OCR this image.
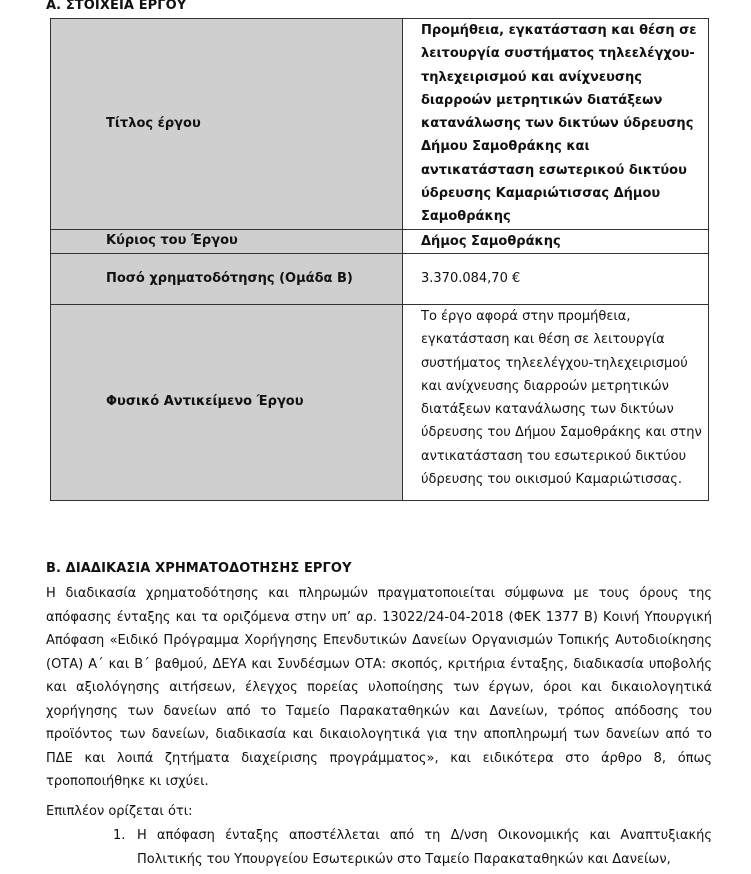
Α. ΣΤΟΙΧΕΙΑ ΕΡΓΟΥ
Τίτλος έργου	Προμήθεια, εγκατάσταση και θέση σε λειτουργία συστήματος τηλεελέγχου-τηλεχειρισμού και ανίχνευσης διαρροών μετρητικών διατάξεων κατανάλωσης των δικτύων ύδρευσης Δήμου Σαμοθράκης και αντικατάσταση εσωτερικού δικτύου ύδρευσης Καμαριώτισσας Δήμου Σαμοθράκης
Κύριος του Έργου	Δήμος Σαμοθράκης
Ποσό χρηματοδότησης (Ομάδα Β)	3.370.084,70 €
Φυσικό Αντικείμενο Έργου	Το έργο αφορά στην προμήθεια, εγκατάσταση και θέση σε λειτουργία συστήματος τηλεελέγχου-τηλεχειρισμού και ανίχνευσης διαρροών μετρητικών διατάξεων κατανάλωσης των δικτύων ύδρευσης του Δήμου Σαμοθράκης και στην αντικατάσταση του εσωτερικού δικτύου ύδρευσης του οικισμού Καμαριώτισσας.
Β. ΔΙΑΔΙΚΑΣΙΑ ΧΡΗΜΑΤΟΔΟΤΗΣΗΣ ΕΡΓΟΥ
Η διαδικασία χρηματοδότησης και πληρωμών πραγματοποιείται σύμφωνα με τους όρους της απόφασης ένταξης και τα οριζόμενα στην υπ’ αρ. 13022/24-04-2018 (ΦΕΚ 1377 Β) Κοινή Υπουργική Απόφαση «Ειδικό Πρόγραμμα Χορήγησης Επενδυτικών Δανείων Οργανισμών Τοπικής Αυτοδιοίκησης (ΟΤΑ) Α΄ και Β΄ βαθμού, ΔΕΥΑ και Συνδέσμων ΟΤΑ: σκοπός, κριτήρια ένταξης, διαδικασία υποβολής και αξιολόγησης αιτήσεων, έλεγχος πορείας υλοποίησης των έργων, όροι και δικαιολογητικά χορήγησης των δανείων από το Ταμείο Παρακαταθηκών και Δανείων, τρόπος απόδοσης του προϊόντος των δανείων, διαδικασία και δικαιολογητικά για την αποπληρωμή των δανείων από το ΠΔΕ και λοιπά ζητήματα διαχείρισης προγράμματος», και ειδικότερα στο άρθρο 8, όπως τροποποιήθηκε κι ισχύει.
Επιπλέον ορίζεται ότι:
1. Η απόφαση ένταξης αποστέλλεται από τη Δ/νση Οικονομικής και Αναπτυξιακής Πολιτικής του Υπουργείου Εσωτερικών στο Ταμείο Παρακαταθηκών και Δανείων,
